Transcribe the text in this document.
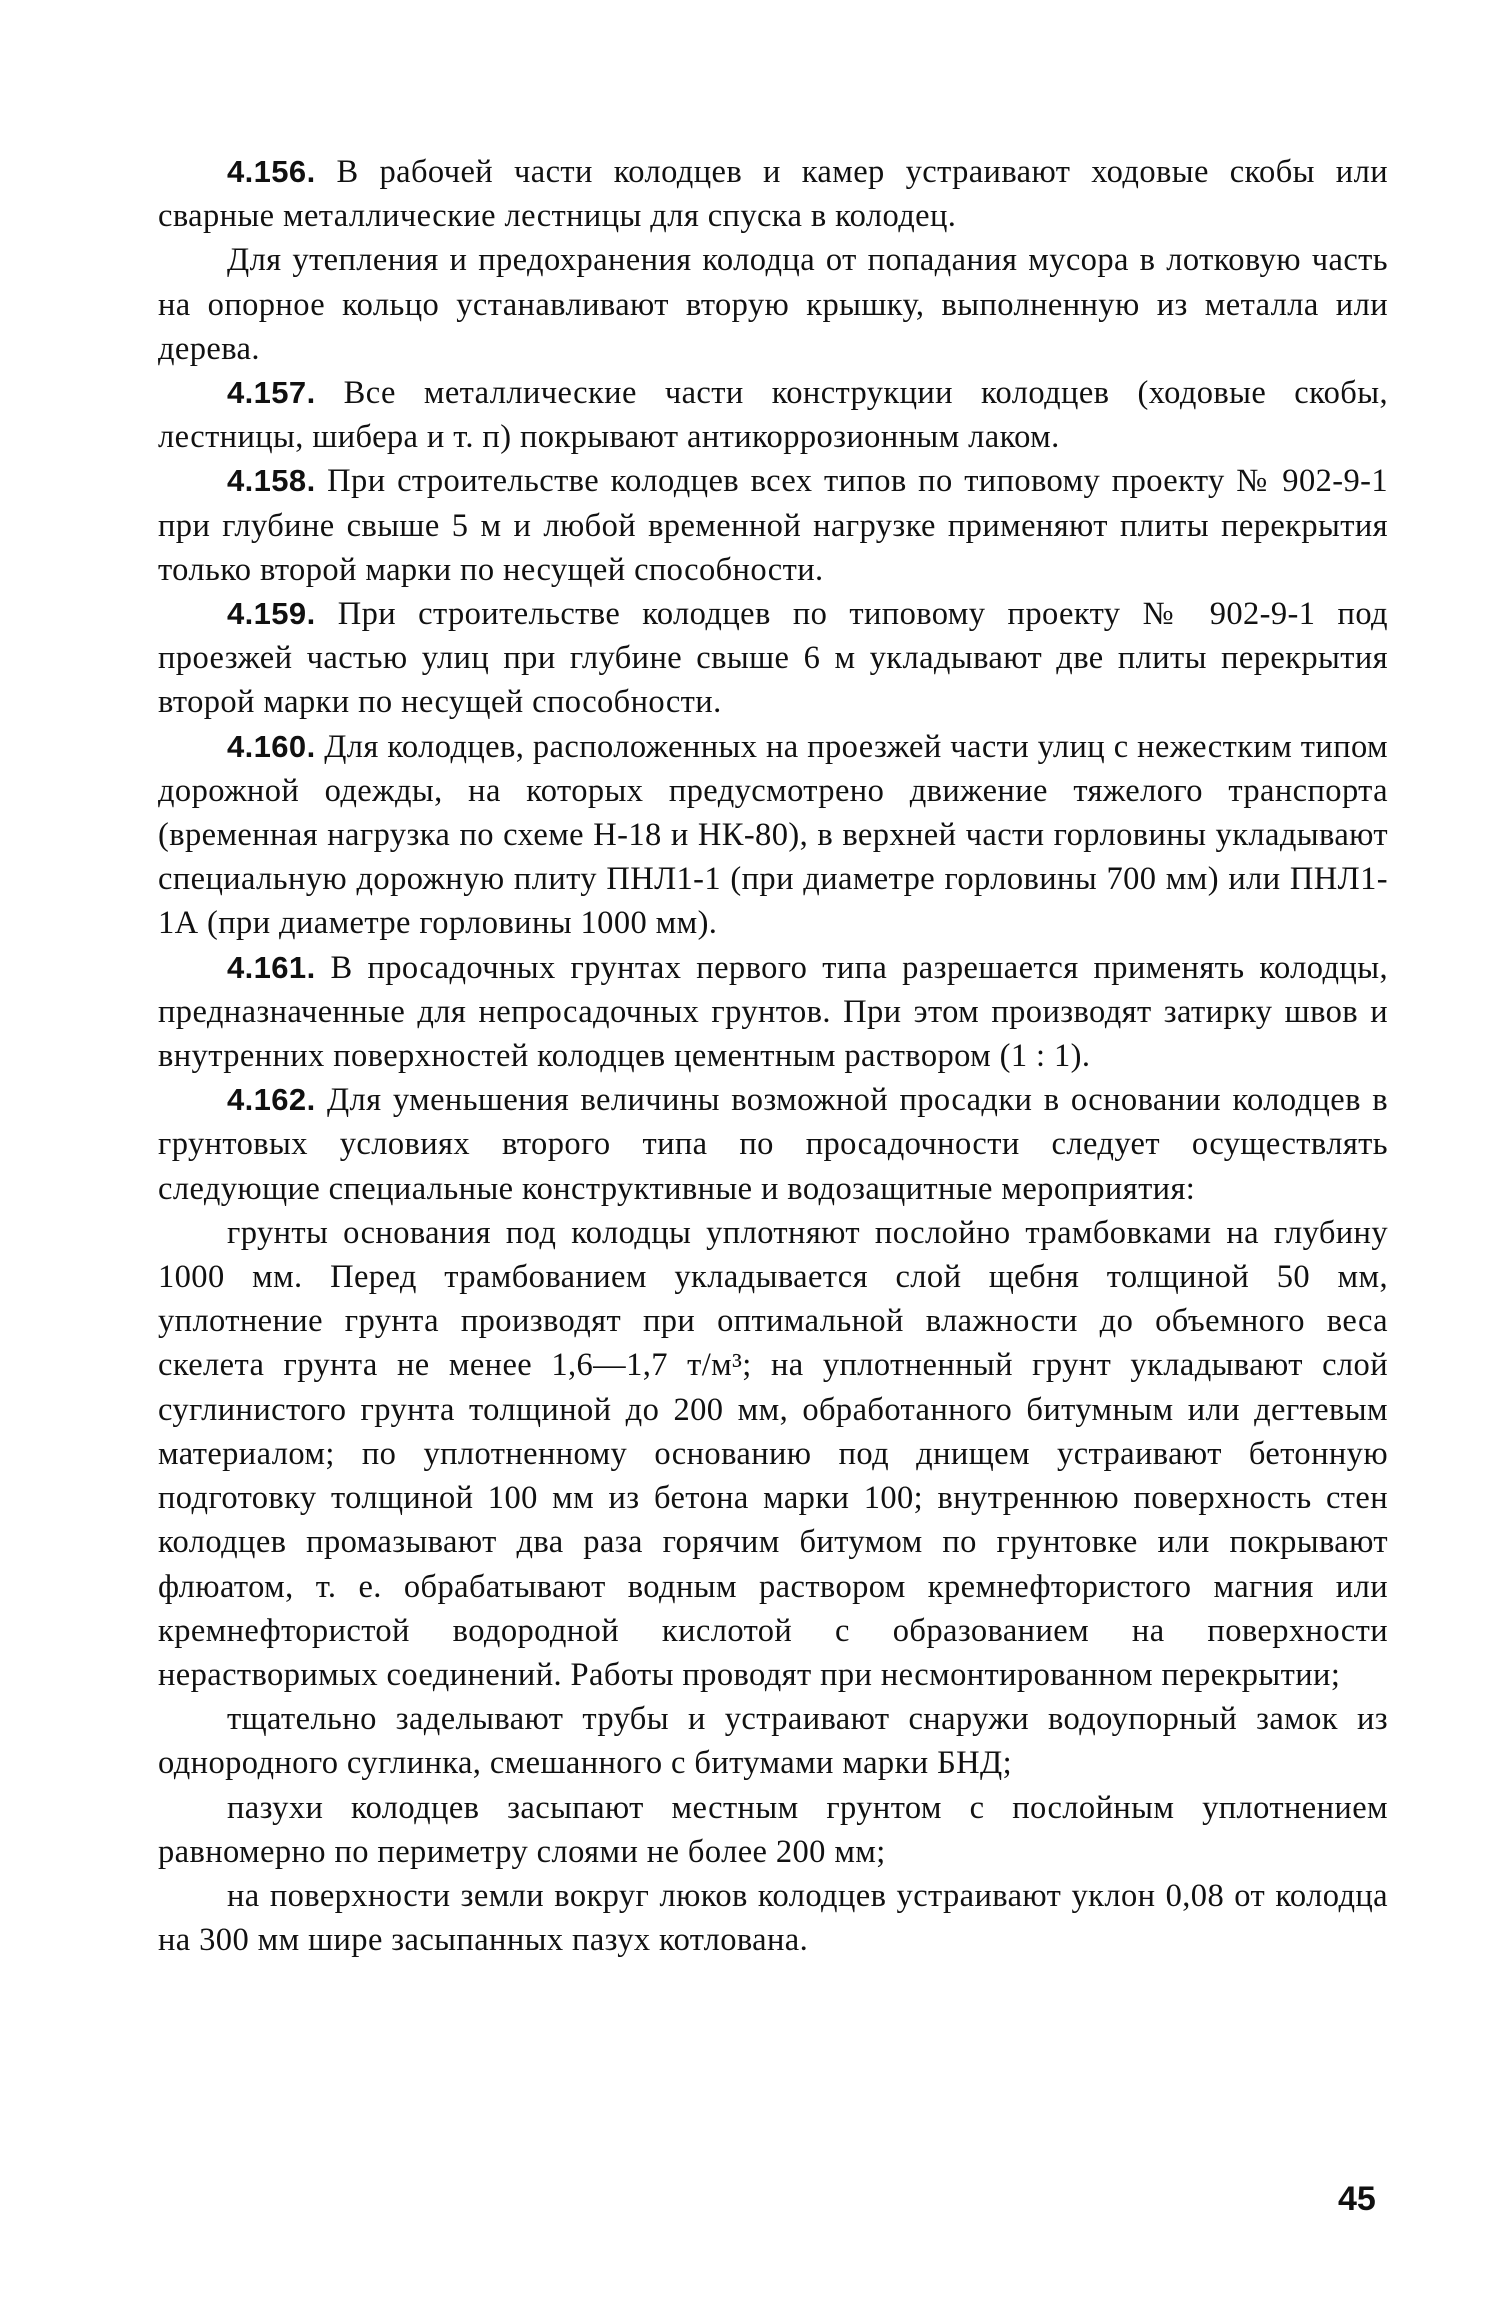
4.156. В рабочей части колодцев и камер устраивают ходовые скобы или сварные металлические лестницы для спуска в колодец.

Для утепления и предохранения колодца от попадания мусора в лотковую часть на опорное кольцо устанавливают вторую крышку, выполненную из металла или дерева.

4.157. Все металлические части конструкции колодцев (ходовые скобы, лестницы, шибера и т. п) покрывают антикоррозионным лаком.

4.158. При строительстве колодцев всех типов по типовому проекту № 902-9-1 при глубине свыше 5 м и любой временной нагрузке применяют плиты перекрытия только второй марки по несущей способности.

4.159. При строительстве колодцев по типовому проекту № 902-9-1 под проезжей частью улиц при глубине свыше 6 м укладывают две плиты перекрытия второй марки по несущей способности.

4.160. Для колодцев, расположенных на проезжей части улиц с нежестким типом дорожной одежды, на которых предусмотрено движение тяжелого транспорта (временная нагрузка по схеме Н-18 и НК-80), в верхней части горловины укладывают специальную дорожную плиту ПНЛ1-1 (при диаметре горловины 700 мм) или ПНЛ1-1А (при диаметре горловины 1000 мм).

4.161. В просадочных грунтах первого типа разрешается применять колодцы, предназначенные для непросадочных грунтов. При этом производят затирку швов и внутренних поверхностей колодцев цементным раствором (1 : 1).

4.162. Для уменьшения величины возможной просадки в основании колодцев в грунтовых условиях второго типа по просадочности следует осуществлять следующие специальные конструктивные и водозащитные мероприятия:

грунты основания под колодцы уплотняют послойно трамбовками на глубину 1000 мм. Перед трамбованием укладывается слой щебня толщиной 50 мм, уплотнение грунта производят при оптимальной влажности до объемного веса скелета грунта не менее 1,6—1,7 т/м³; на уплотненный грунт укладывают слой суглинистого грунта толщиной до 200 мм, обработанного битумным или дегтевым материалом; по уплотненному основанию под днищем устраивают бетонную подготовку толщиной 100 мм из бетона марки 100; внутреннюю поверхность стен колодцев промазывают два раза горячим битумом по грунтовке или покрывают флюатом, т. е. обрабатывают водным раствором кремнефтористого магния или кремнефтористой водородной кислотой с образованием на поверхности нерастворимых соединений. Работы проводят при несмонтированном перекрытии;

тщательно заделывают трубы и устраивают снаружи водоупорный замок из однородного суглинка, смешанного с битумами марки БНД;

пазухи колодцев засыпают местным грунтом с послойным уплотнением равномерно по периметру слоями не более 200 мм;

на поверхности земли вокруг люков колодцев устраивают уклон 0,08 от колодца на 300 мм шире засыпанных пазух котлована.

45
